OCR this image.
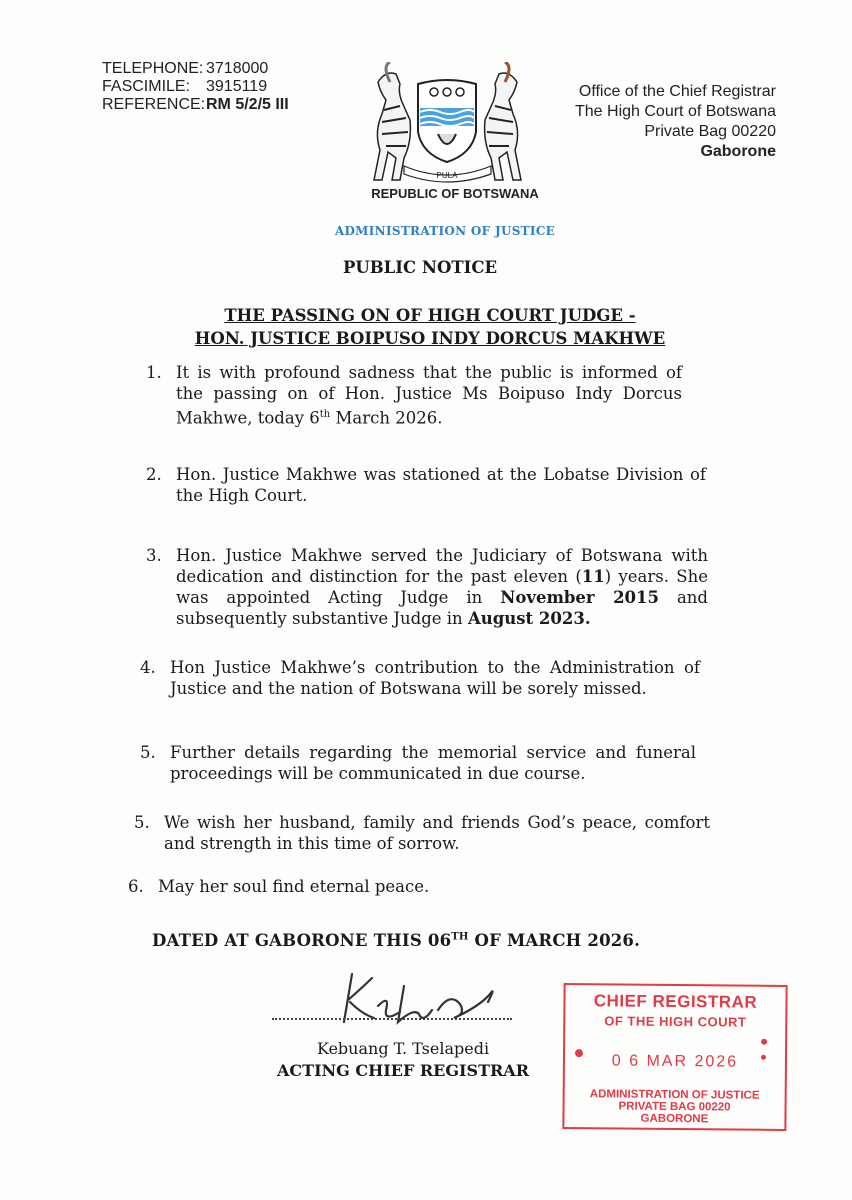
TELEPHONE: 3718000
FASCIMILE: 3915119
REFERENCE: RM 5/2/5 III
PULA
REPUBLIC OF BOTSWANA
Office of the Chief Registrar
The High Court of Botswana
Private Bag 00220
Gaborone
ADMINISTRATION OF JUSTICE
PUBLIC NOTICE
THE PASSING ON OF HIGH COURT JUDGE -
HON. JUSTICE BOIPUSO INDY DORCUS MAKHWE
1. It is with profound sadness that the public is informed of the passing on of Hon. Justice Ms Boipuso Indy Dorcus Makhwe, today 6th March 2026.
2. Hon. Justice Makhwe was stationed at the Lobatse Division of the High Court.
3. Hon. Justice Makhwe served the Judiciary of Botswana with dedication and distinction for the past eleven (11) years. She was appointed Acting Judge in November 2015 and subsequently substantive Judge in August 2023.
4. Hon Justice Makhwe’s contribution to the Administration of Justice and the nation of Botswana will be sorely missed.
5. Further details regarding the memorial service and funeral proceedings will be communicated in due course.
5. We wish her husband, family and friends God’s peace, comfort and strength in this time of sorrow.
6. May her soul find eternal peace.
DATED AT GABORONE THIS 06TH OF MARCH 2026.
Kebuang T. Tselapedi
ACTING CHIEF REGISTRAR
CHIEF REGISTRAR
OF THE HIGH COURT
0 6 MAR 2026
ADMINISTRATION OF JUSTICE
PRIVATE BAG 00220
GABORONE
